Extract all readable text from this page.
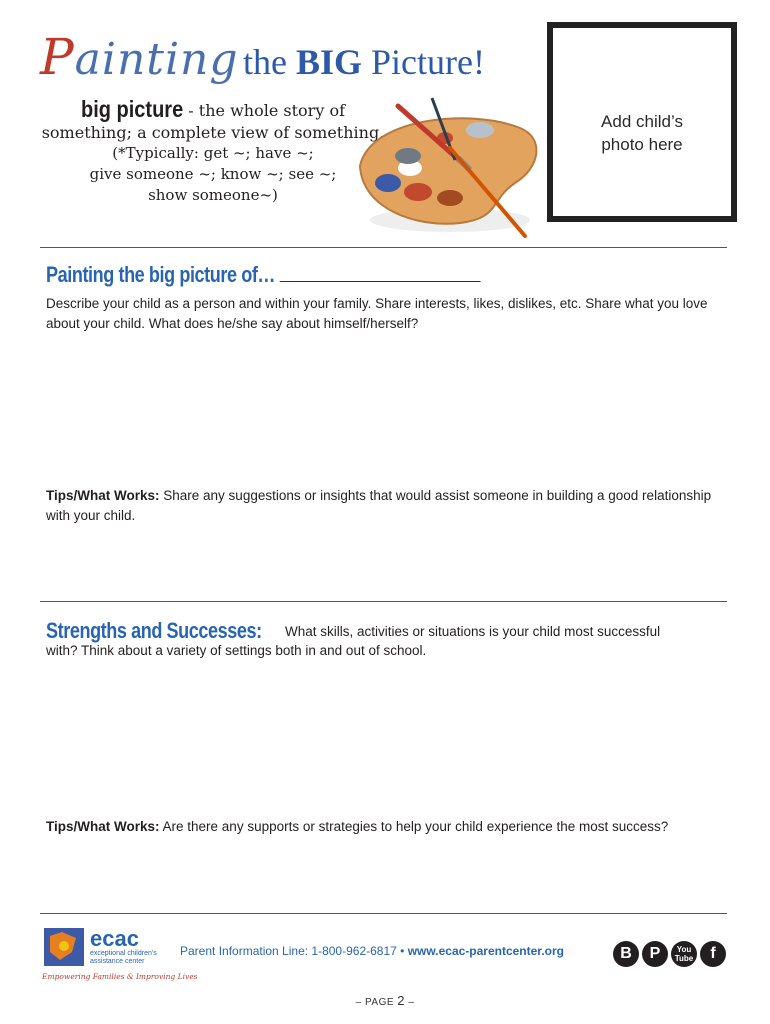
Painting the BIG Picture!
big picture - the whole story of
something; a complete view of something.
(*Typically: get ~; have ~;
give someone ~; know ~; see ~;
show someone~)
Add child’s
photo here
Painting the big picture of…
Describe your child as a person and within your family. Share interests, likes, dislikes, etc. Share what you love about your child. What does he/she say about himself/herself?
Tips/What Works: Share any suggestions or insights that would assist someone in building a good relationship with your child.
Strengths and Successes:	What skills, activities or situations is your child most successful
with? Think about a variety of settings both in and out of school.
Tips/What Works: Are there any supports or strategies to help your child experience the most success?
ecac
exceptional children's
assistance center
Empowering Families & Improving Lives
Parent Information Line: 1-800-962-6817 • www.ecac-parentcenter.org	B	P	You
Tube	f
– PAGE 2 –
